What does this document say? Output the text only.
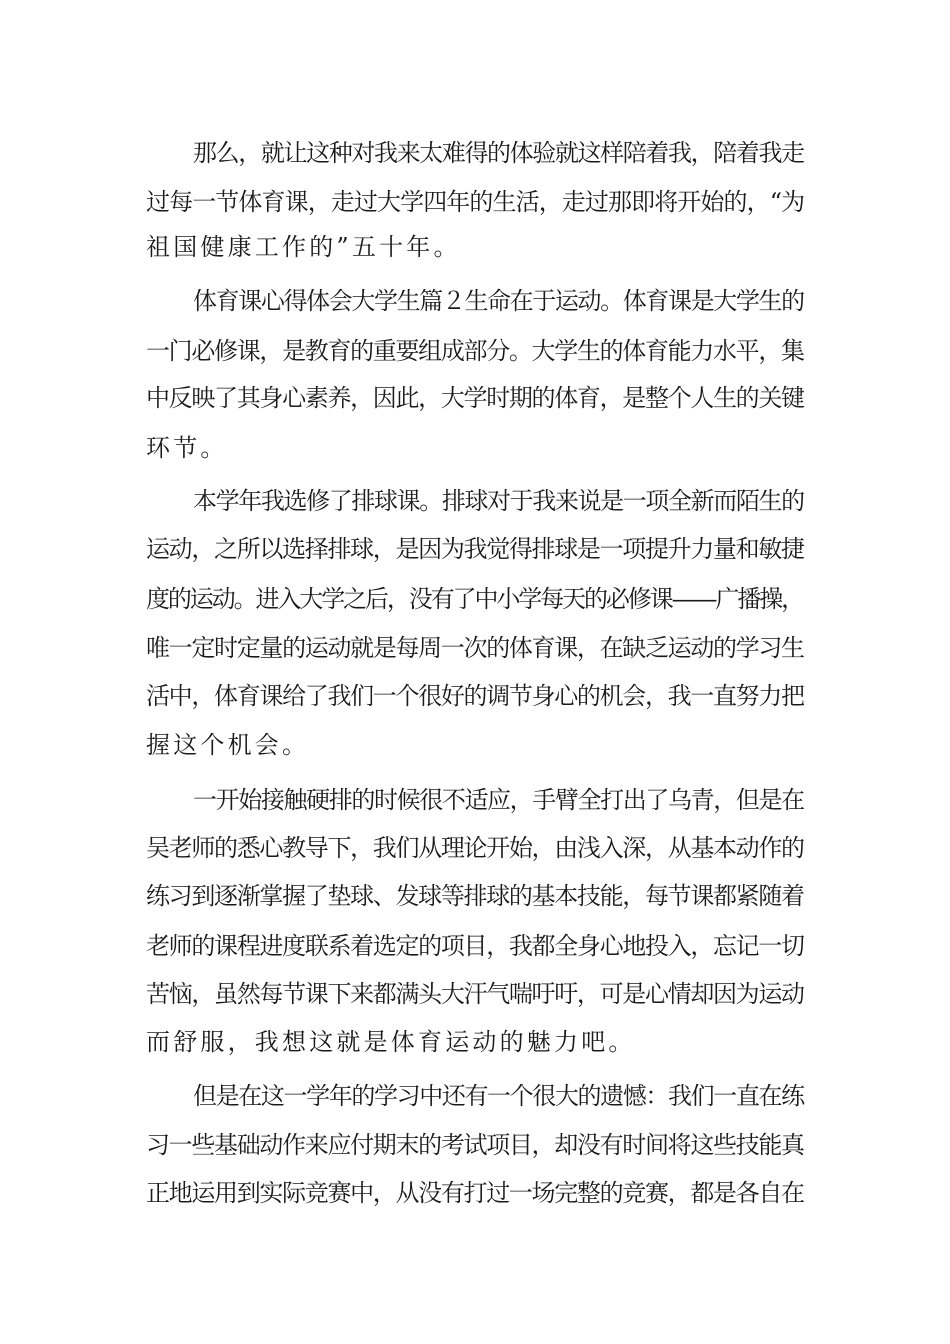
那么，就让这种对我来太难得的体验就这样陪着我，陪着我走
过每一节体育课，走过大学四年的生活，走过那即将开始的，“为
祖国健康工作的”五十年。
体育课心得体会大学生篇２生命在于运动。体育课是大学生的
一门必修课，是教育的重要组成部分。大学生的体育能力水平，集
中反映了其身心素养，因此，大学时期的体育，是整个人生的关键
环节。
本学年我选修了排球课。排球对于我来说是一项全新而陌生的
运动，之所以选择排球，是因为我觉得排球是一项提升力量和敏捷
度的运动。进入大学之后，没有了中小学每天的必修课——广播操，
唯一定时定量的运动就是每周一次的体育课，在缺乏运动的学习生
活中，体育课给了我们一个很好的调节身心的机会，我一直努力把
握这个机会。
一开始接触硬排的时候很不适应，手臂全打出了乌青，但是在
吴老师的悉心教导下，我们从理论开始，由浅入深，从基本动作的
练习到逐渐掌握了垫球、发球等排球的基本技能，每节课都紧随着
老师的课程进度联系着选定的项目，我都全身心地投入，忘记一切
苦恼，虽然每节课下来都满头大汗气喘吁吁，可是心情却因为运动
而舒服，我想这就是体育运动的魅力吧。
但是在这一学年的学习中还有一个很大的遗憾：我们一直在练
习一些基础动作来应付期末的考试项目，却没有时间将这些技能真
正地运用到实际竞赛中，从没有打过一场完整的竞赛，都是各自在
